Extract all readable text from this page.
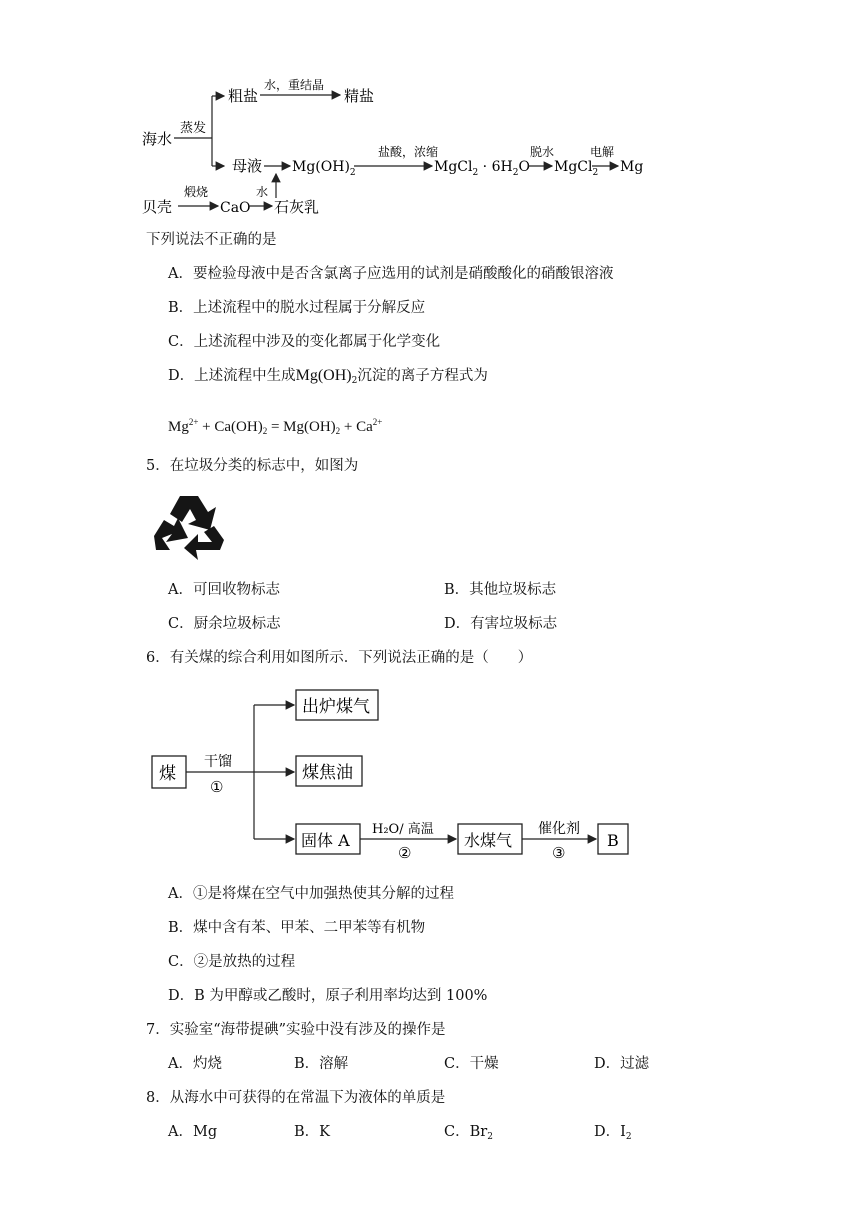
海水
蒸发
粗盐
水，重结晶
精盐
母液 $Mg(OH)_2$
盐酸，浓缩
MgCl$_2$ · $6H_2O$
脱水
MgCl$_2$
电解
Mg
贝壳
煅烧
CaO
水
石灰乳
下列说法不正确的是
A．要检验母液中是否含氯离子应选用的试剂是硝酸酸化的硝酸银溶液
B．上述流程中的脱水过程属于分解反应
C．上述流程中涉及的变化都属于化学变化
D．上述流程中生成$Mg(OH)_2$沉淀的离子方程式为
$Mg^{2+} + Ca(OH)_2 = Mg(OH)_2 + Ca^{2+}$
5．在垃圾分类的标志中，如图为
A．可回收物标志	B．其他垃圾标志
C．厨余垃圾标志	D．有害垃圾标志
6．有关煤的综合利用如图所示．下列说法正确的是（　　）
煤
干馏
①
出炉煤气
煤焦油
固体 A
H₂O/ 高温
②
水煤气
催化剂
③
B
A．①是将煤在空气中加强热使其分解的过程
B．煤中含有苯、甲苯、二甲苯等有机物
C．②是放热的过程
D．B 为甲醇或乙酸时，原子利用率均达到 100%
7．实验室“海带提碘”实验中没有涉及的操作是
A．灼烧	B．溶解	C．干燥	D．过滤
8．从海水中可获得的在常温下为液体的单质是
A．Mg	B．K	C．$Br_2$	D．$I_2$
